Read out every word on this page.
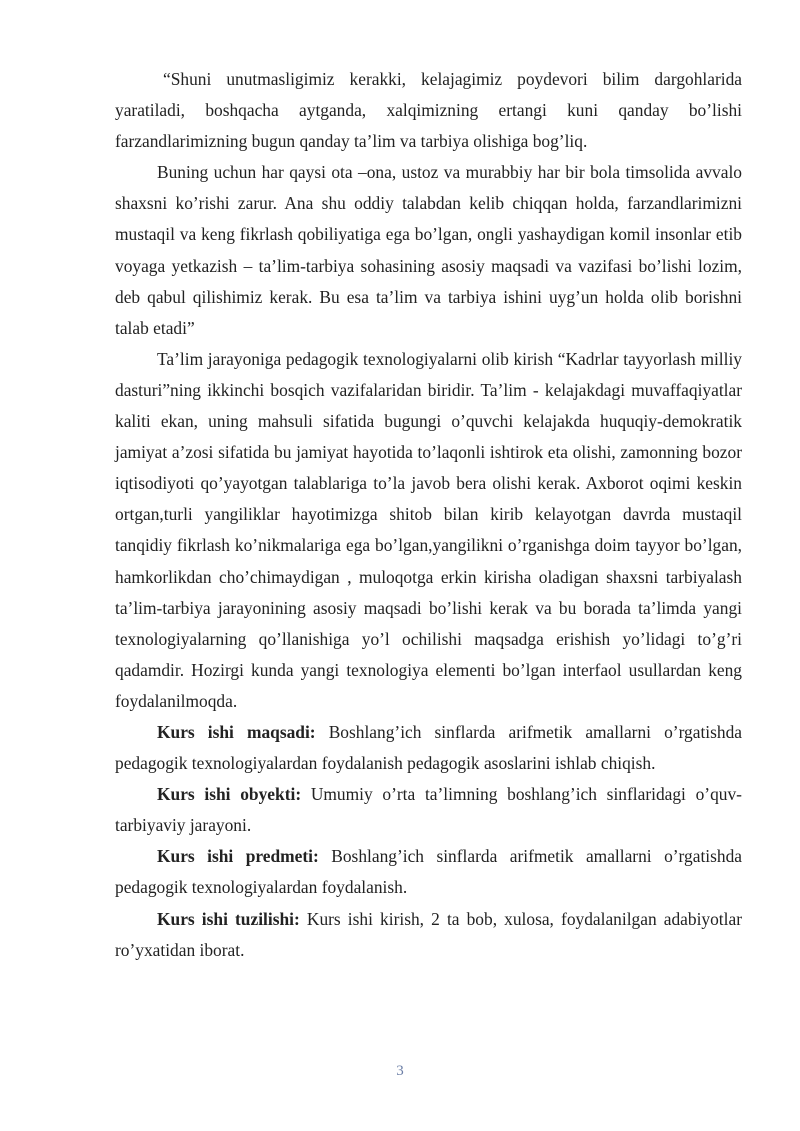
“Shuni unutmasligimiz kerakki, kelajagimiz poydevori bilim dargohlarida yaratiladi, boshqacha aytganda, xalqimizning ertangi kuni qanday bo’lishi farzandlarimizning bugun qanday ta’lim va tarbiya olishiga bog’liq.

Buning uchun har qaysi ota –ona, ustoz va murabbiy har bir bola timsolida avvalo shaxsni ko’rishi zarur. Ana shu oddiy talabdan kelib chiqqan holda, farzandlarimizni mustaqil va keng fikrlash qobiliyatiga ega bo’lgan, ongli yashaydigan komil insonlar etib voyaga yetkazish – ta’lim-tarbiya sohasining asosiy maqsadi va vazifasi bo’lishi lozim, deb qabul qilishimiz kerak. Bu esa ta’lim va tarbiya ishini uyg’un holda olib borishni talab etadi”

Ta’lim jarayoniga pedagogik texnologiyalarni olib kirish “Kadrlar tayyorlash milliy dasturi”ning ikkinchi bosqich vazifalaridan biridir. Ta’lim - kelajakdagi muvaffaqiyatlar kaliti ekan, uning mahsuli sifatida bugungi o’quvchi kelajakda huquqiy-demokratik jamiyat a’zosi sifatida bu jamiyat hayotida to’laqonli ishtirok eta olishi, zamonning bozor iqtisodiyoti qo’yayotgan talablariga to’la javob bera olishi kerak. Axborot oqimi keskin ortgan,turli yangiliklar hayotimizga shitob bilan kirib kelayotgan davrda mustaqil tanqidiy fikrlash ko’nikmalariga ega bo’lgan,yangilikni o’rganishga doim tayyor bo’lgan, hamkorlikdan cho’chimaydigan , muloqotga erkin kirisha oladigan shaxsni tarbiyalash ta’lim-tarbiya jarayonining asosiy maqsadi bo’lishi kerak va bu borada ta’limda yangi texnologiyalarning qo’llanishiga yo’l ochilishi maqsadga erishish yo’lidagi to’g’ri qadamdir. Hozirgi kunda yangi texnologiya elementi bo’lgan interfaol usullardan keng foydalanilmoqda.

Kurs ishi maqsadi: Boshlang’ich sinflarda arifmetik amallarni o’rgatishda pedagogik texnologiyalardan foydalanish pedagogik asoslarini ishlab chiqish.

Kurs ishi obyekti: Umumiy o’rta ta’limning boshlang’ich sinflaridagi o’quv-tarbiyaviy jarayoni.

Kurs ishi predmeti: Boshlang’ich sinflarda arifmetik amallarni o’rgatishda pedagogik texnologiyalardan foydalanish.

Kurs ishi tuzilishi: Kurs ishi kirish, 2 ta bob, xulosa, foydalanilgan adabiyotlar ro’yxatidan iborat.

3
